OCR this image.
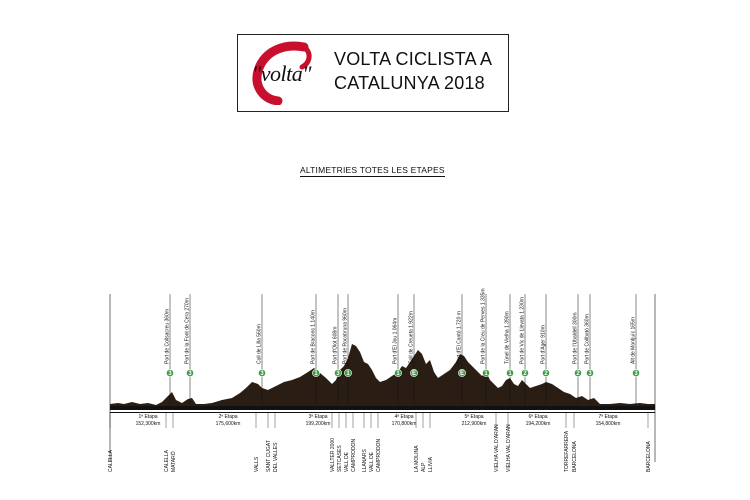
"volta"
VOLTA CICLISTA A
CATALUNYA 2018
ALTIMETRIES TOTES LES ETAPES
Port de Collsacreu 360m
3
Port de la Font de Cera 270m
3
Coll de Lilla 560m
3
Port de Bracons 1.140m
1
Port d'Olot 608m
3
Port de Rocabruna 960m
1
Port d'El Jou 1.064m
1
Coll de Creueta 1.922m
E
Port d'El Cantó 1.720 m
E
Port de la Creu de Perves 1.335m
1
Túnel de Vielha 1.390m
1
Port de Vic de Llevata 1.230m
2
Port d'Ager 910m
2
Port de l'Ubaldell 300m
2
Port de Collbató 360m
3
Alt de Montjuïc 165m
3
1ª Etapa
152,300km
2ª Etapa
175,600km
3ª Etapa
199,200km
4ª Etapa
170,800km
5ª Etapa
212,900km
6ª Etapa
194,200km
7ª Etapa
154,800km
CALELLA	CALELLA MATARÓ	VALLS SANT CUGAT DEL VALLES	VALLTER 2000 SETCASES VALL DE CAMPRODON LLANARS VALL DE CAMPRODON	LA MOLINA ALP LLIVIA	VIELHA VAL D'ARAN VIELHA VAL D'ARAN	TORREFARRERA BARCELONA	BARCELONA
